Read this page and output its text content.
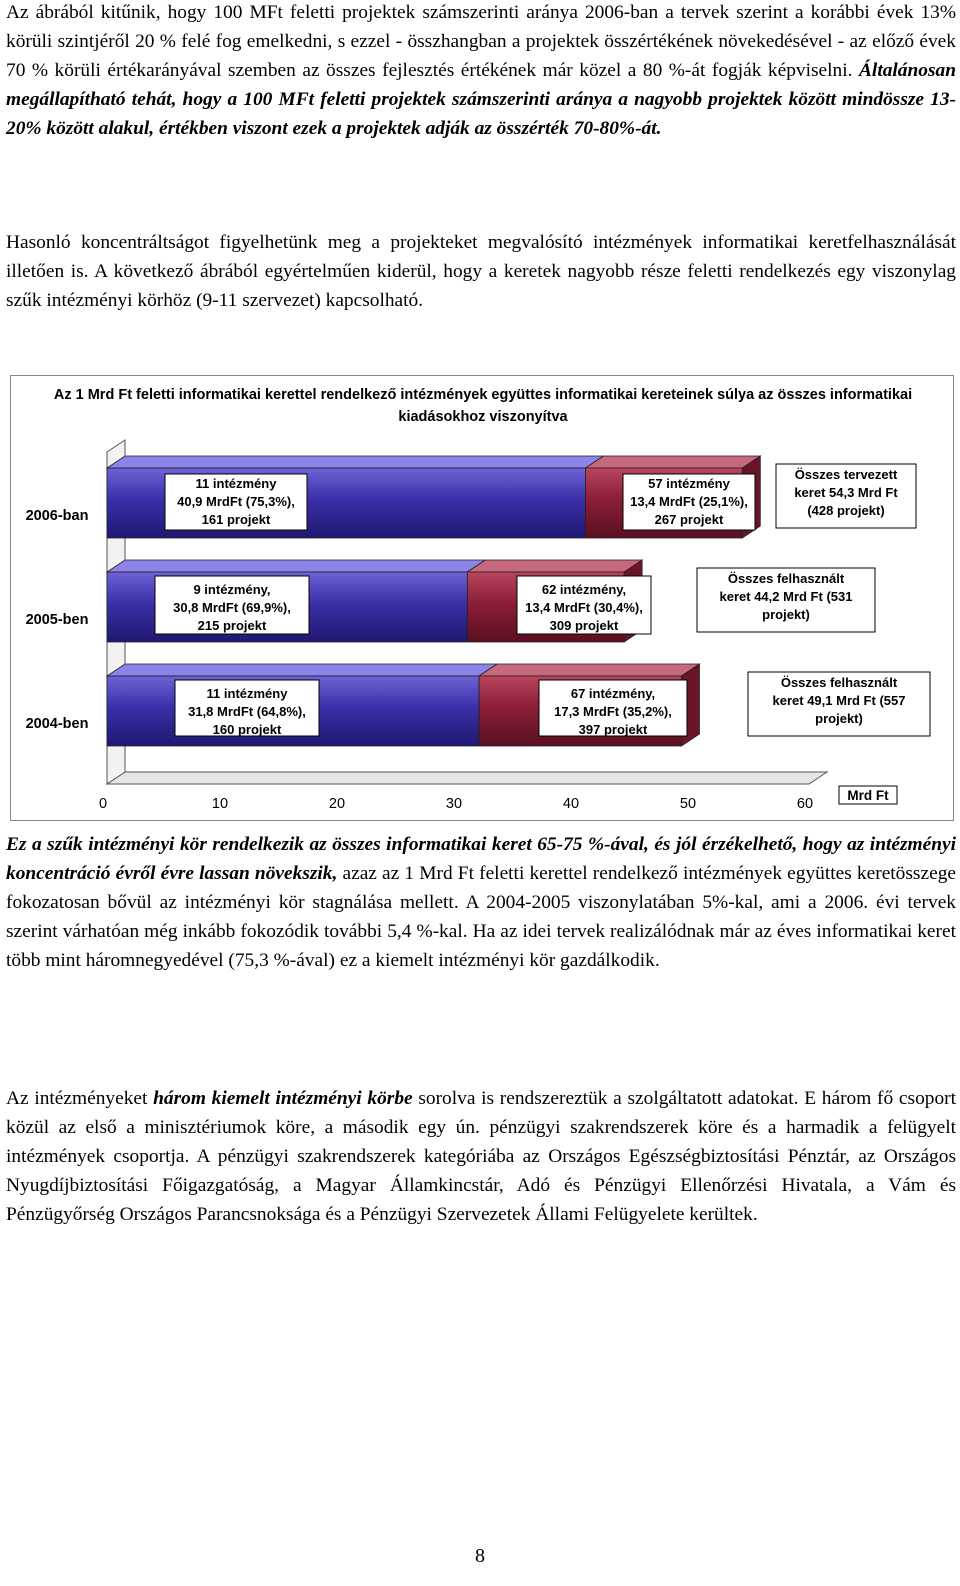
Az ábrából kitűnik, hogy 100 MFt feletti projektek számszerinti aránya 2006-ban a tervek szerint a korábbi évek 13% körüli szintjéről 20 % felé fog emelkedni, s ezzel - összhangban a projektek összértékének növekedésével - az előző évek 70 % körüli értékarányával szemben az összes fejlesztés értékének már közel a 80 %-át fogják képviselni. Általánosan megállapítható tehát, hogy a 100 MFt feletti projektek számszerinti aránya a nagyobb projektek között mindössze 13-20% között alakul, értékben viszont ezek a projektek adják az összérték 70-80%-át.

Hasonló koncentráltságot figyelhetünk meg a projekteket megvalósító intézmények informatikai keretfelhasználását illetően is. A következő ábrából egyértelműen kiderül, hogy a keretek nagyobb része feletti rendelkezés egy viszonylag szűk intézményi körhöz (9-11 szervezet) kapcsolható.

Az 1 Mrd Ft feletti informatikai kerettel rendelkező intézmények együttes informatikai kereteinek súlya az összes informatikai kiadásokhoz viszonyítva
0	10	20	30	40	50	60
Mrd Ft
2006-ban
11 intézmény
40,9 MrdFt (75,3%),
161 projekt
57 intézmény
13,4 MrdFt (25,1%),
267 projekt
Összes tervezett
keret 54,3 Mrd Ft
(428 projekt)
2005-ben
9 intézmény,
30,8 MrdFt (69,9%),
215 projekt
62 intézmény,
13,4 MrdFt (30,4%),
309 projekt
Összes felhasznált
keret 44,2 Mrd Ft (531
projekt)
2004-ben
11 intézmény
31,8 MrdFt (64,8%),
160 projekt
67 intézmény,
17,3 MrdFt (35,2%),
397 projekt
Összes felhasznált
keret 49,1 Mrd Ft (557
projekt)

Ez a szűk intézményi kör rendelkezik az összes informatikai keret 65-75 %-ával, és jól érzékelhető, hogy az intézményi koncentráció évről évre lassan növekszik, azaz az 1 Mrd Ft feletti kerettel rendelkező intézmények együttes keretösszege fokozatosan bővül az intézményi kör stagnálása mellett. A 2004-2005 viszonylatában 5%-kal, ami a 2006. évi tervek szerint várhatóan még inkább fokozódik további 5,4 %-kal. Ha az idei tervek realizálódnak már az éves informatikai keret több mint háromnegyedével (75,3 %-ával) ez a kiemelt intézményi kör gazdálkodik.

Az intézményeket három kiemelt intézményi körbe sorolva is rendszereztük a szolgáltatott adatokat. E három fő csoport közül az első a minisztériumok köre, a második egy ún. pénzügyi szakrendszerek köre és a harmadik a felügyelt intézmények csoportja. A pénzügyi szakrendszerek kategóriába az Országos Egészségbiztosítási Pénztár, az Országos Nyugdíjbiztosítási Főigazgatóság, a Magyar Államkincstár, Adó és Pénzügyi Ellenőrzési Hivatala, a Vám és Pénzügyőrség Országos Parancsnoksága és a Pénzügyi Szervezetek Állami Felügyelete kerültek.

8
